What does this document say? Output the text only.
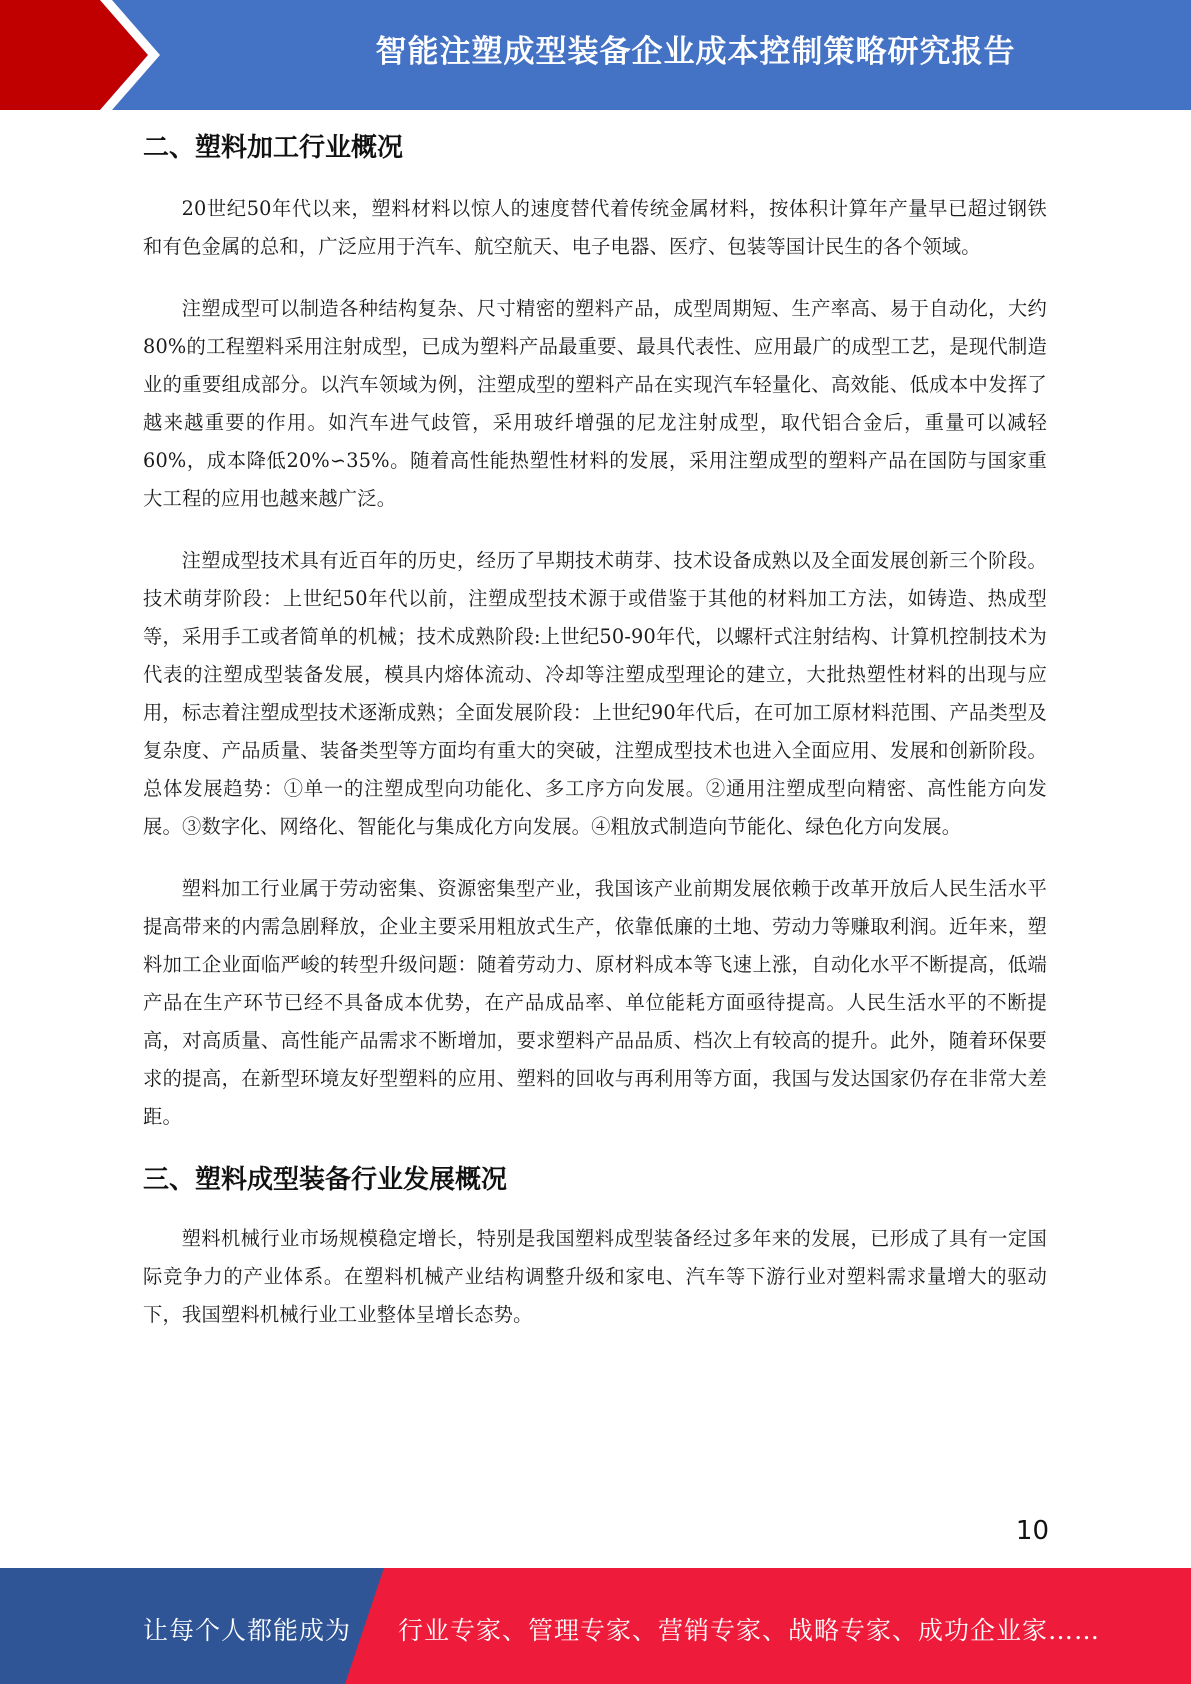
智能注塑成型装备企业成本控制策略研究报告
二、塑料加工行业概况

20世纪50年代以来，塑料材料以惊人的速度替代着传统金属材料，按体积计算年产量早已超过钢铁和有色金属的总和，广泛应用于汽车、航空航天、电子电器、医疗、包装等国计民生的各个领域。

注塑成型可以制造各种结构复杂、尺寸精密的塑料产品，成型周期短、生产率高、易于自动化，大约80%的工程塑料采用注射成型，已成为塑料产品最重要、最具代表性、应用最广的成型工艺，是现代制造业的重要组成部分。以汽车领域为例，注塑成型的塑料产品在实现汽车轻量化、高效能、低成本中发挥了越来越重要的作用。如汽车进气歧管，采用玻纤增强的尼龙注射成型，取代铝合金后，重量可以减轻60%，成本降低20%∽35%。随着高性能热塑性材料的发展，采用注塑成型的塑料产品在国防与国家重大工程的应用也越来越广泛。

注塑成型技术具有近百年的历史，经历了早期技术萌芽、技术设备成熟以及全面发展创新三个阶段。技术萌芽阶段：上世纪50年代以前，注塑成型技术源于或借鉴于其他的材料加工方法，如铸造、热成型等，采用手工或者简单的机械；技术成熟阶段:上世纪50-90年代，以螺杆式注射结构、计算机控制技术为代表的注塑成型装备发展，模具内熔体流动、冷却等注塑成型理论的建立，大批热塑性材料的出现与应用，标志着注塑成型技术逐渐成熟；全面发展阶段：上世纪90年代后，在可加工原材料范围、产品类型及复杂度、产品质量、装备类型等方面均有重大的突破，注塑成型技术也进入全面应用、发展和创新阶段。总体发展趋势：①单一的注塑成型向功能化、多工序方向发展。②通用注塑成型向精密、高性能方向发展。③数字化、网络化、智能化与集成化方向发展。④粗放式制造向节能化、绿色化方向发展。

塑料加工行业属于劳动密集、资源密集型产业，我国该产业前期发展依赖于改革开放后人民生活水平提高带来的内需急剧释放，企业主要采用粗放式生产，依靠低廉的土地、劳动力等赚取利润。近年来，塑料加工企业面临严峻的转型升级问题：随着劳动力、原材料成本等飞速上涨，自动化水平不断提高，低端产品在生产环节已经不具备成本优势，在产品成品率、单位能耗方面亟待提高。人民生活水平的不断提高，对高质量、高性能产品需求不断增加，要求塑料产品品质、档次上有较高的提升。此外，随着环保要求的提高，在新型环境友好型塑料的应用、塑料的回收与再利用等方面，我国与发达国家仍存在非常大差距。

三、塑料成型装备行业发展概况

塑料机械行业市场规模稳定增长，特别是我国塑料成型装备经过多年来的发展，已形成了具有一定国际竞争力的产业体系。在塑料机械产业结构调整升级和家电、汽车等下游行业对塑料需求量增大的驱动下，我国塑料机械行业工业整体呈增长态势。

10
让每个人都能成为 行业专家、管理专家、营销专家、战略专家、成功企业家……
